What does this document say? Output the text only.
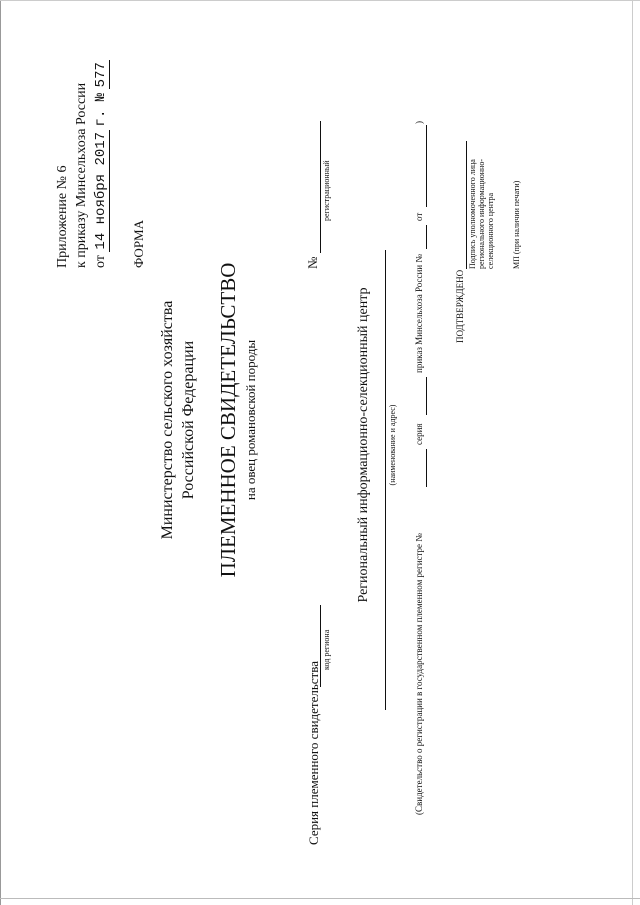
Приложение № 6 к приказу Минсельхоза России от 14 ноября 2017 г. № 577
ФОРМА
Министерство сельского хозяйства Российской Федерации ПЛЕМЕННОЕ СВИДЕТЕЛЬСТВО на овец романовской породы
Серия племенного свидетельства
код региона
№
регистрационный
Региональный информационно-селекционный центр (наименование и адрес)
(Свидетельство о регистрации в государственном племенном регистре №
серия
приказ Минсельхоза России №
от
)
ПОДТВЕРЖДЕНО
Подпись уполномоченного лица регионального информационно- селекционного центра МП (при наличии печати)
